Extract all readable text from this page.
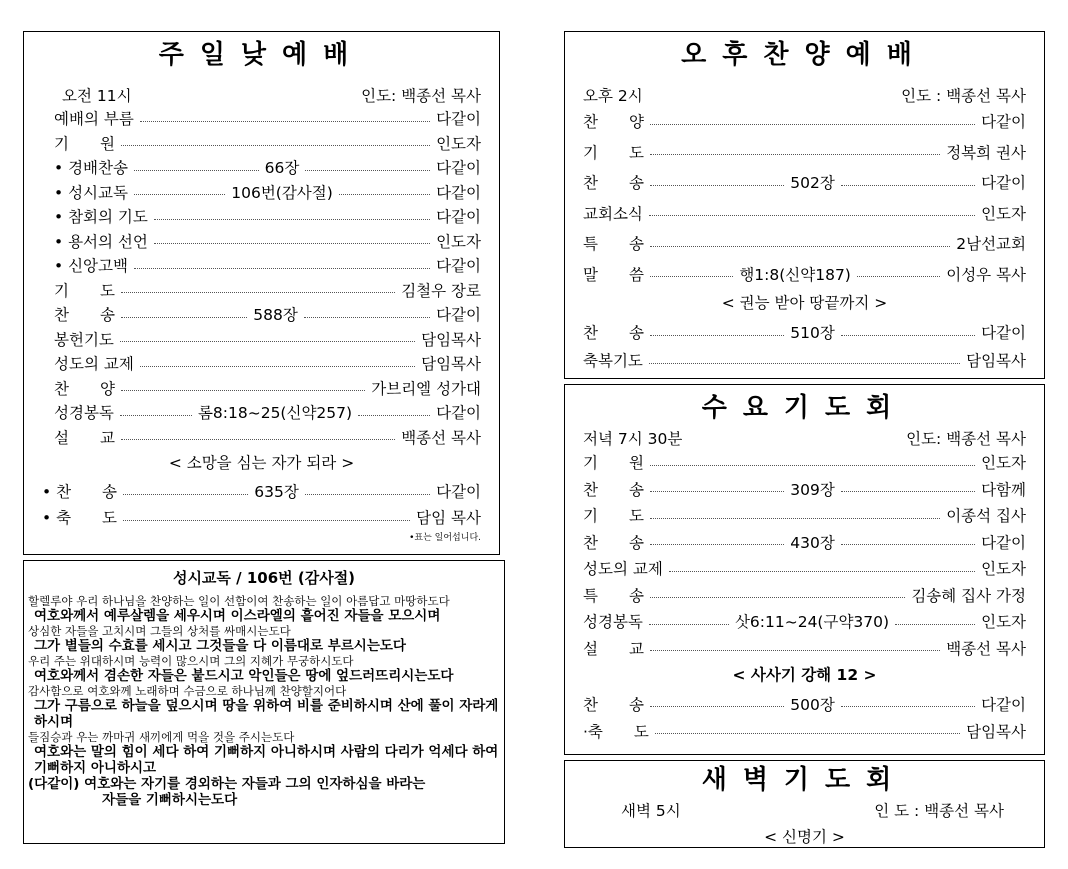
주일낮예배
오전 11시	인도: 백종선 목사
예배의 부름	다같이
기　　원	인도자
• 경배찬송	66장	다같이
• 성시교독	106번(감사절)	다같이
• 참회의 기도	다같이
• 용서의 선언	인도자
• 신앙고백	다같이
기　　도	김철우 장로
찬　　송	588장	다같이
봉헌기도	담임목사
성도의 교제	담임목사
찬　　양	가브리엘 성가대
성경봉독	롬8:18~25(신약257)	다같이
설　　교	백종선 목사
< 소망을 심는 자가 되라 >
• 찬　　송	635장	다같이
• 축　　도	담임 목사
•표는 일어섭니다.
성시교독 / 106번 (감사절)
할렐루야 우리 하나님을 찬양하는 일이 선함이여 찬송하는 일이 아름답고 마땅하도다
여호와께서 예루살렘을 세우시며 이스라엘의 흩어진 자들을 모으시며
상심한 자들을 고치시며 그들의 상처를 싸매시는도다
그가 별들의 수효를 세시고 그것들을 다 이름대로 부르시는도다
우리 주는 위대하시며 능력이 많으시며 그의 지혜가 무궁하시도다
여호와께서 겸손한 자들은 붙드시고 악인들은 땅에 엎드러뜨리시는도다
감사함으로 여호와께 노래하며 수금으로 하나님께 찬양할지어다
그가 구름으로 하늘을 덮으시며 땅을 위하여 비를 준비하시며 산에 풀이 자라게 하시며
들짐승과 우는 까마귀 새끼에게 먹을 것을 주시는도다
여호와는 말의 힘이 세다 하여 기뻐하지 아니하시며 사람의 다리가 억세다 하여 기뻐하지 아니하시고
(다같이) 여호와는 자기를 경외하는 자들과 그의 인자하심을 바라는
자들을 기뻐하시는도다
오후찬양예배
오후 2시	인도 : 백종선 목사
찬　　양	다같이
기　　도	정복희 권사
찬　　송	502장	다같이
교회소식	인도자
특　　송	2남선교회
말　　씀	행1:8(신약187)	이성우 목사
< 권능 받아 땅끝까지 >
찬　　송	510장	다같이
축복기도	담임목사
수요기도회
저녁 7시 30분	인도: 백종선 목사
기　　원	인도자
찬　　송	309장	다함께
기　　도	이종석 집사
찬　　송	430장	다같이
성도의 교제	인도자
특　　송	김송혜 집사 가정
성경봉독	삿6:11~24(구약370)	인도자
설　　교	백종선 목사
< 사사기 강해 12 >
찬　　송	500장	다같이
·축　　도	담임목사
새벽기도회
새벽 5시	인 도 : 백종선 목사
< 신명기 >
